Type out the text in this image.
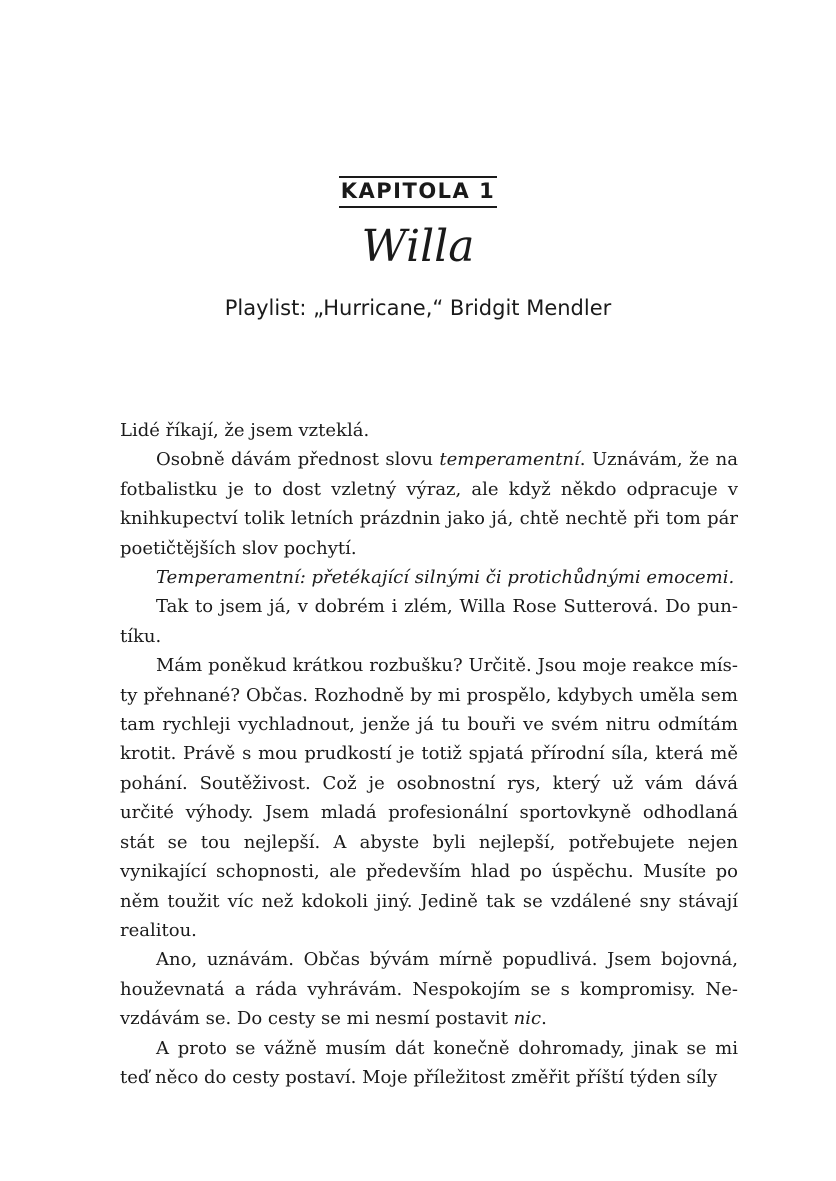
KAPITOLA 1
Willa
Playlist: „Hurricane,“ Bridgit Mendler

Lidé říkají, že jsem vzteklá.

Osobně dávám přednost slovu temperamentní. Uznávám, že na fotbalistku je to dost vzletný výraz, ale když někdo odpracuje v knihkupectví tolik letních prázdnin jako já, chtě nechtě při tom pár poetičtějších slov pochytí.

Temperamentní: přetékající silnými či protichůdnými emocemi.

Tak to jsem já, v dobrém i zlém, Willa Rose Sutterová. Do puntíku.

Mám poněkud krátkou rozbušku? Určitě. Jsou moje reakce místy přehnané? Občas. Rozhodně by mi prospělo, kdybych uměla sem tam rychleji vychladnout, jenže já tu bouři ve svém nitru odmítám krotit. Právě s mou prudkostí je totiž spjatá přírodní síla, která mě pohání. Soutěživost. Což je osobnostní rys, který už vám dává určité výhody. Jsem mladá profesionální sportovkyně odhodlaná stát se tou nejlepší. A abyste byli nejlepší, potřebujete nejen vynikající schopnosti, ale především hlad po úspěchu. Musíte po něm toužit víc než kdokoli jiný. Jedině tak se vzdálené sny stávají realitou.

Ano, uznávám. Občas bývám mírně popudlivá. Jsem bojovná, houževnatá a ráda vyhrávám. Nespokojím se s kompromisy. Nevzdávám se. Do cesty se mi nesmí postavit nic.

A proto se vážně musím dát konečně dohromady, jinak se mi teď něco do cesty postaví. Moje příležitost změřit příští týden síly
